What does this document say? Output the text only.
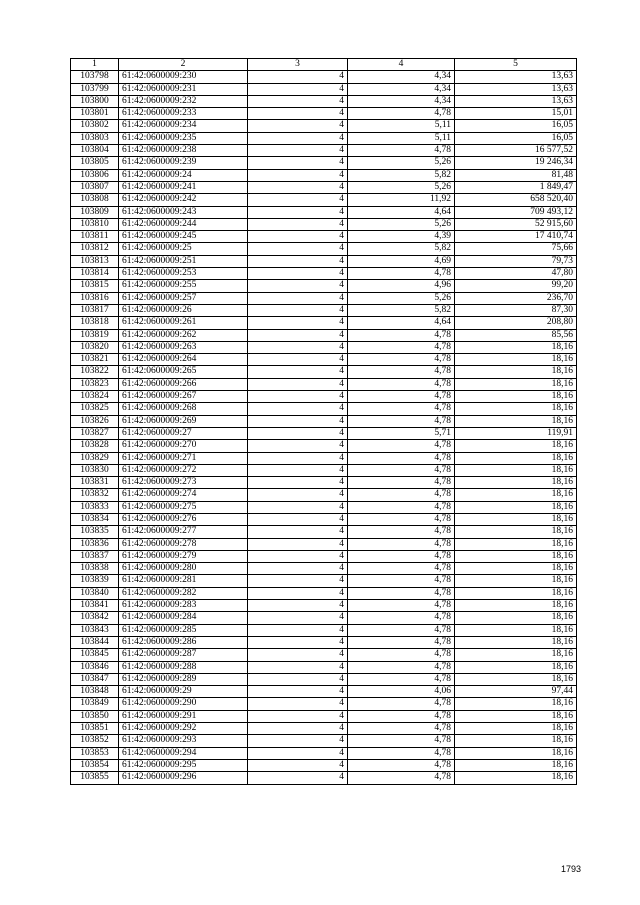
1	2	3	4	5
103798	61:42:0600009:230	4	4,34	13,63
103799	61:42:0600009:231	4	4,34	13,63
103800	61:42:0600009:232	4	4,34	13,63
103801	61:42:0600009:233	4	4,78	15,01
103802	61:42:0600009:234	4	5,11	16,05
103803	61:42:0600009:235	4	5,11	16,05
103804	61:42:0600009:238	4	4,78	16 577,52
103805	61:42:0600009:239	4	5,26	19 246,34
103806	61:42:0600009:24	4	5,82	81,48
103807	61:42:0600009:241	4	5,26	1 849,47
103808	61:42:0600009:242	4	11,92	658 520,40
103809	61:42:0600009:243	4	4,64	709 493,12
103810	61:42:0600009:244	4	5,26	52 915,60
103811	61:42:0600009:245	4	4,39	17 410,74
103812	61:42:0600009:25	4	5,82	75,66
103813	61:42:0600009:251	4	4,69	79,73
103814	61:42:0600009:253	4	4,78	47,80
103815	61:42:0600009:255	4	4,96	99,20
103816	61:42:0600009:257	4	5,26	236,70
103817	61:42:0600009:26	4	5,82	87,30
103818	61:42:0600009:261	4	4,64	208,80
103819	61:42:0600009:262	4	4,78	85,56
103820	61:42:0600009:263	4	4,78	18,16
103821	61:42:0600009:264	4	4,78	18,16
103822	61:42:0600009:265	4	4,78	18,16
103823	61:42:0600009:266	4	4,78	18,16
103824	61:42:0600009:267	4	4,78	18,16
103825	61:42:0600009:268	4	4,78	18,16
103826	61:42:0600009:269	4	4,78	18,16
103827	61:42:0600009:27	4	5,71	119,91
103828	61:42:0600009:270	4	4,78	18,16
103829	61:42:0600009:271	4	4,78	18,16
103830	61:42:0600009:272	4	4,78	18,16
103831	61:42:0600009:273	4	4,78	18,16
103832	61:42:0600009:274	4	4,78	18,16
103833	61:42:0600009:275	4	4,78	18,16
103834	61:42:0600009:276	4	4,78	18,16
103835	61:42:0600009:277	4	4,78	18,16
103836	61:42:0600009:278	4	4,78	18,16
103837	61:42:0600009:279	4	4,78	18,16
103838	61:42:0600009:280	4	4,78	18,16
103839	61:42:0600009:281	4	4,78	18,16
103840	61:42:0600009:282	4	4,78	18,16
103841	61:42:0600009:283	4	4,78	18,16
103842	61:42:0600009:284	4	4,78	18,16
103843	61:42:0600009:285	4	4,78	18,16
103844	61:42:0600009:286	4	4,78	18,16
103845	61:42:0600009:287	4	4,78	18,16
103846	61:42:0600009:288	4	4,78	18,16
103847	61:42:0600009:289	4	4,78	18,16
103848	61:42:0600009:29	4	4,06	97,44
103849	61:42:0600009:290	4	4,78	18,16
103850	61:42:0600009:291	4	4,78	18,16
103851	61:42:0600009:292	4	4,78	18,16
103852	61:42:0600009:293	4	4,78	18,16
103853	61:42:0600009:294	4	4,78	18,16
103854	61:42:0600009:295	4	4,78	18,16
103855	61:42:0600009:296	4	4,78	18,16
1793
